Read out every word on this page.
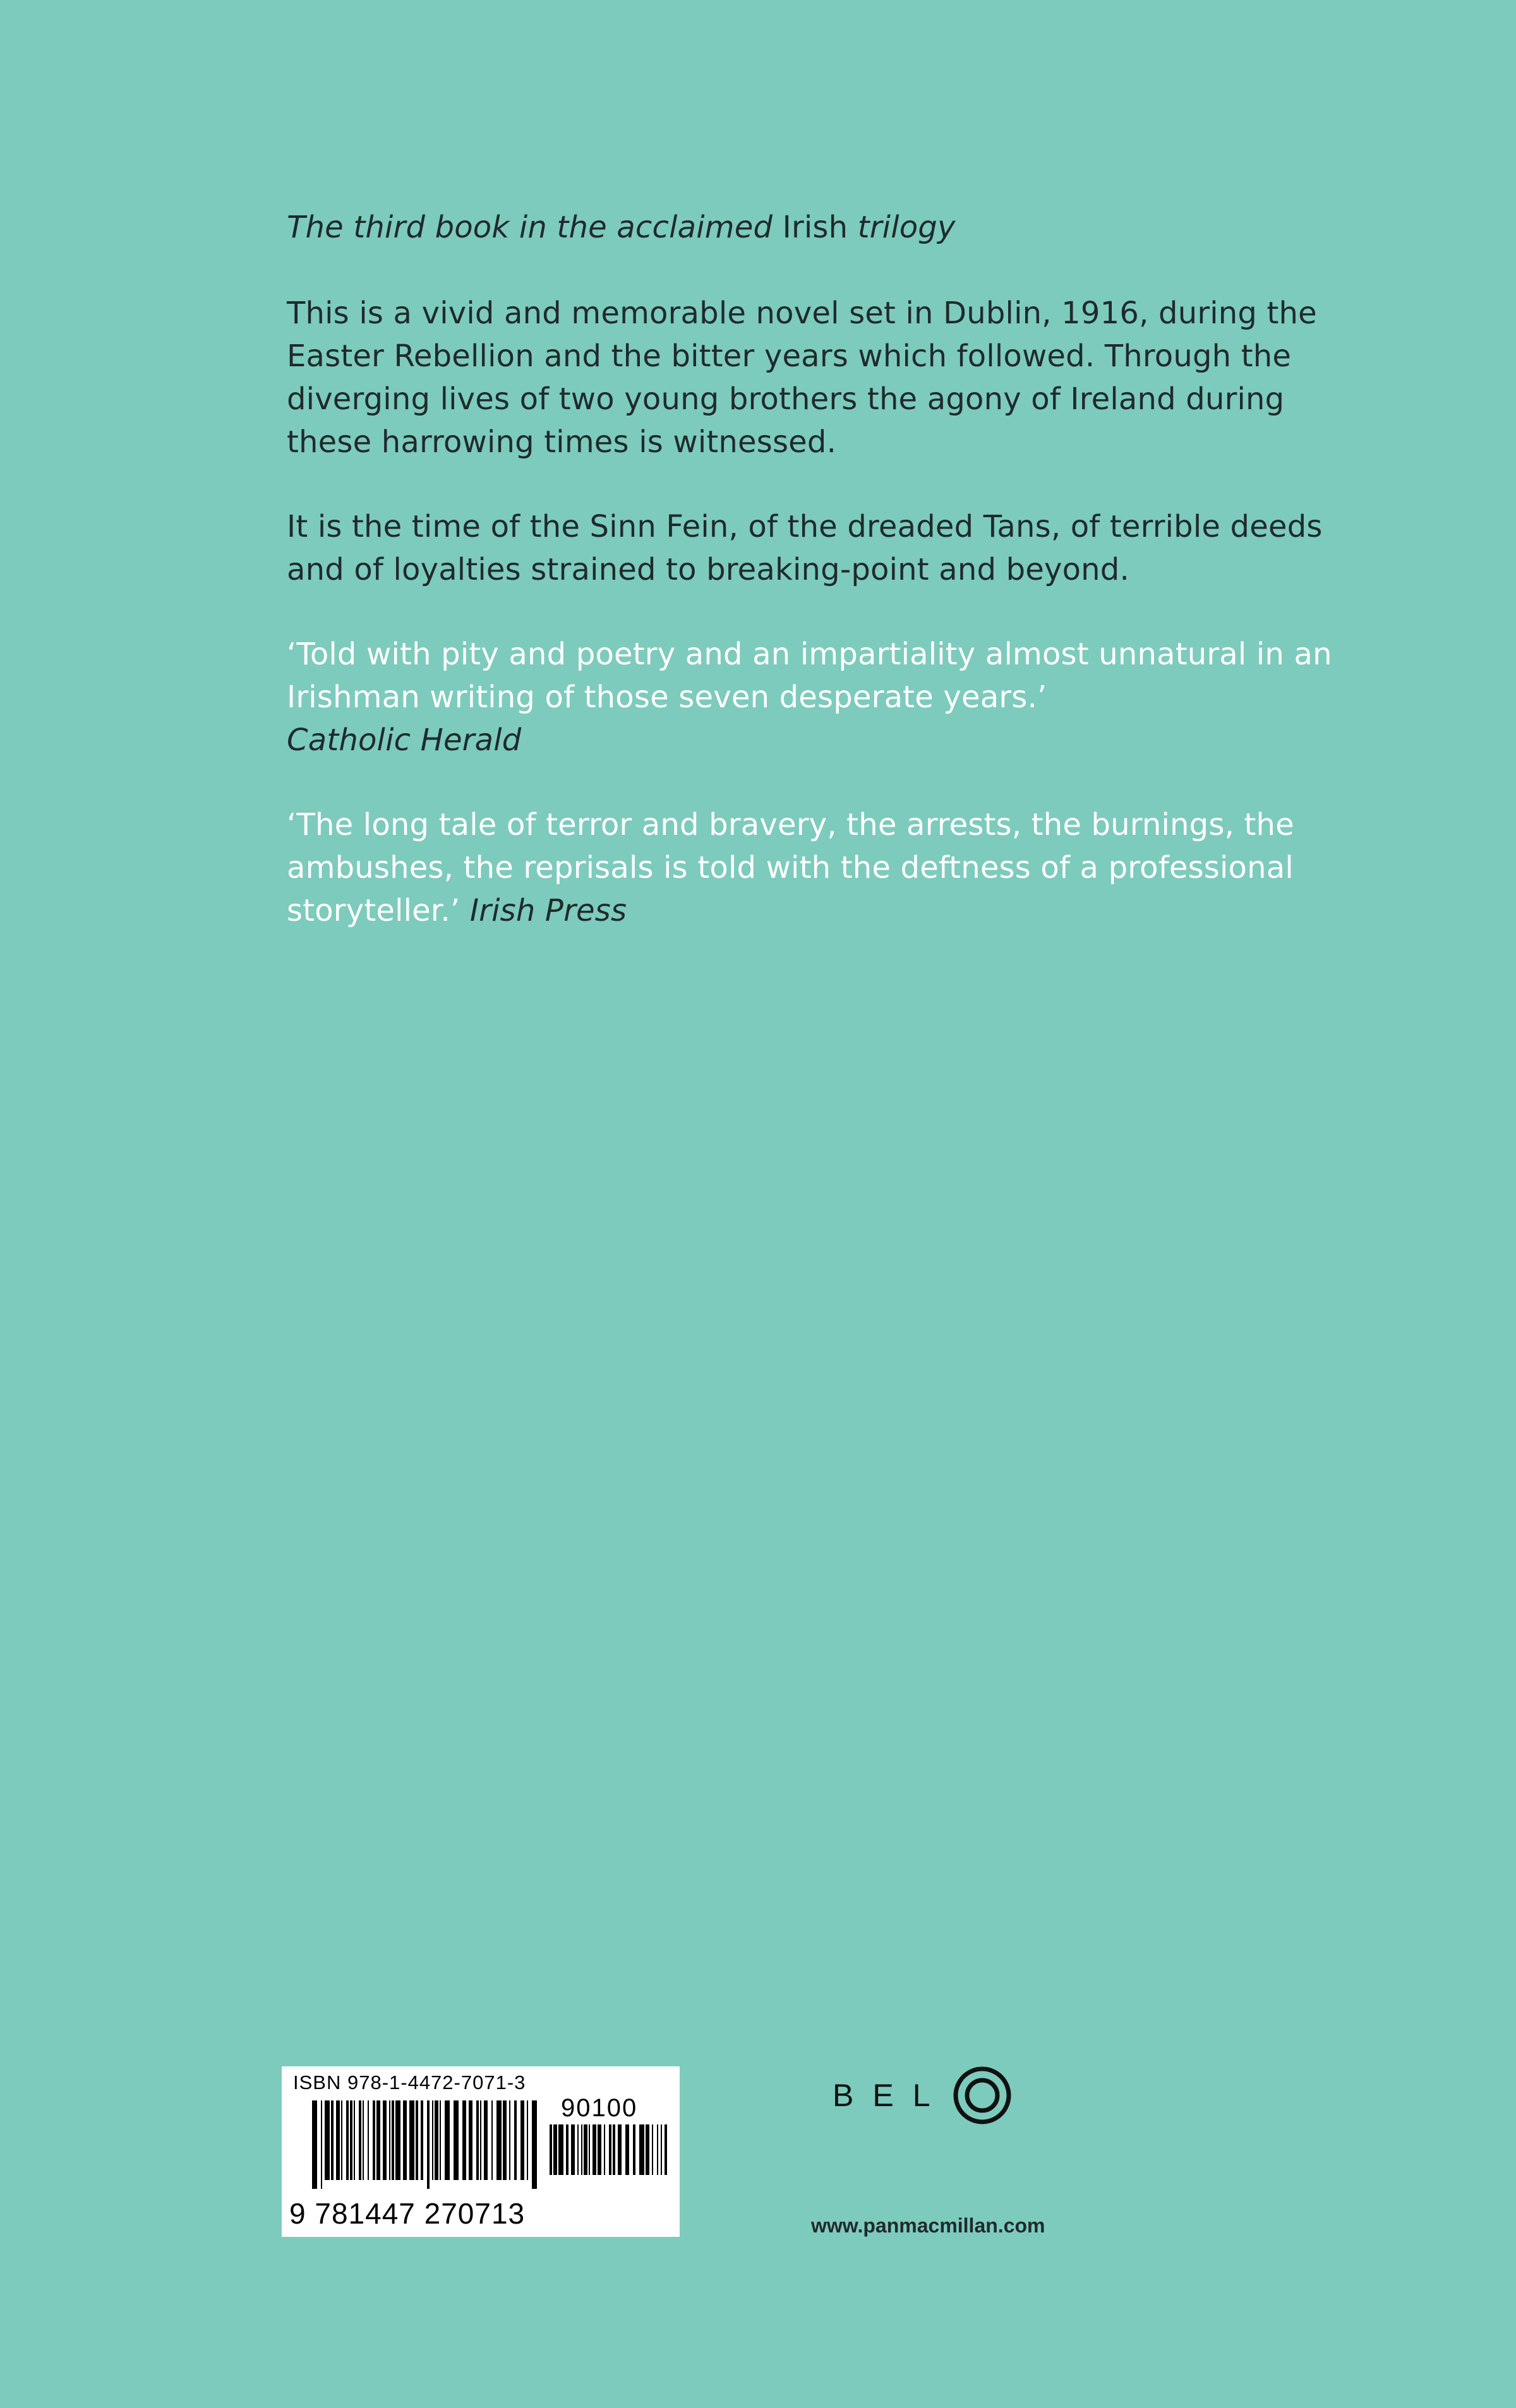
The third book in the acclaimed Irish trilogy
This is a vivid and memorable novel set in Dublin, 1916, during the Easter Rebellion and the bitter years which followed. Through the diverging lives of two young brothers the agony of Ireland during these harrowing times is witnessed.
It is the time of the Sinn Fein, of the dreaded Tans, of terrible deeds and of loyalties strained to breaking-point and beyond.
‘Told with pity and poetry and an impartiality almost unnatural in an Irishman writing of those seven desperate years.’
Catholic Herald
‘The long tale of terror and bravery, the arrests, the burnings, the ambushes, the reprisals is told with the deftness of a professional storyteller.’ Irish Press
ISBN 978-1-4472-7071-3
90100
9 781447 270713
BEL
www.panmacmillan.com
